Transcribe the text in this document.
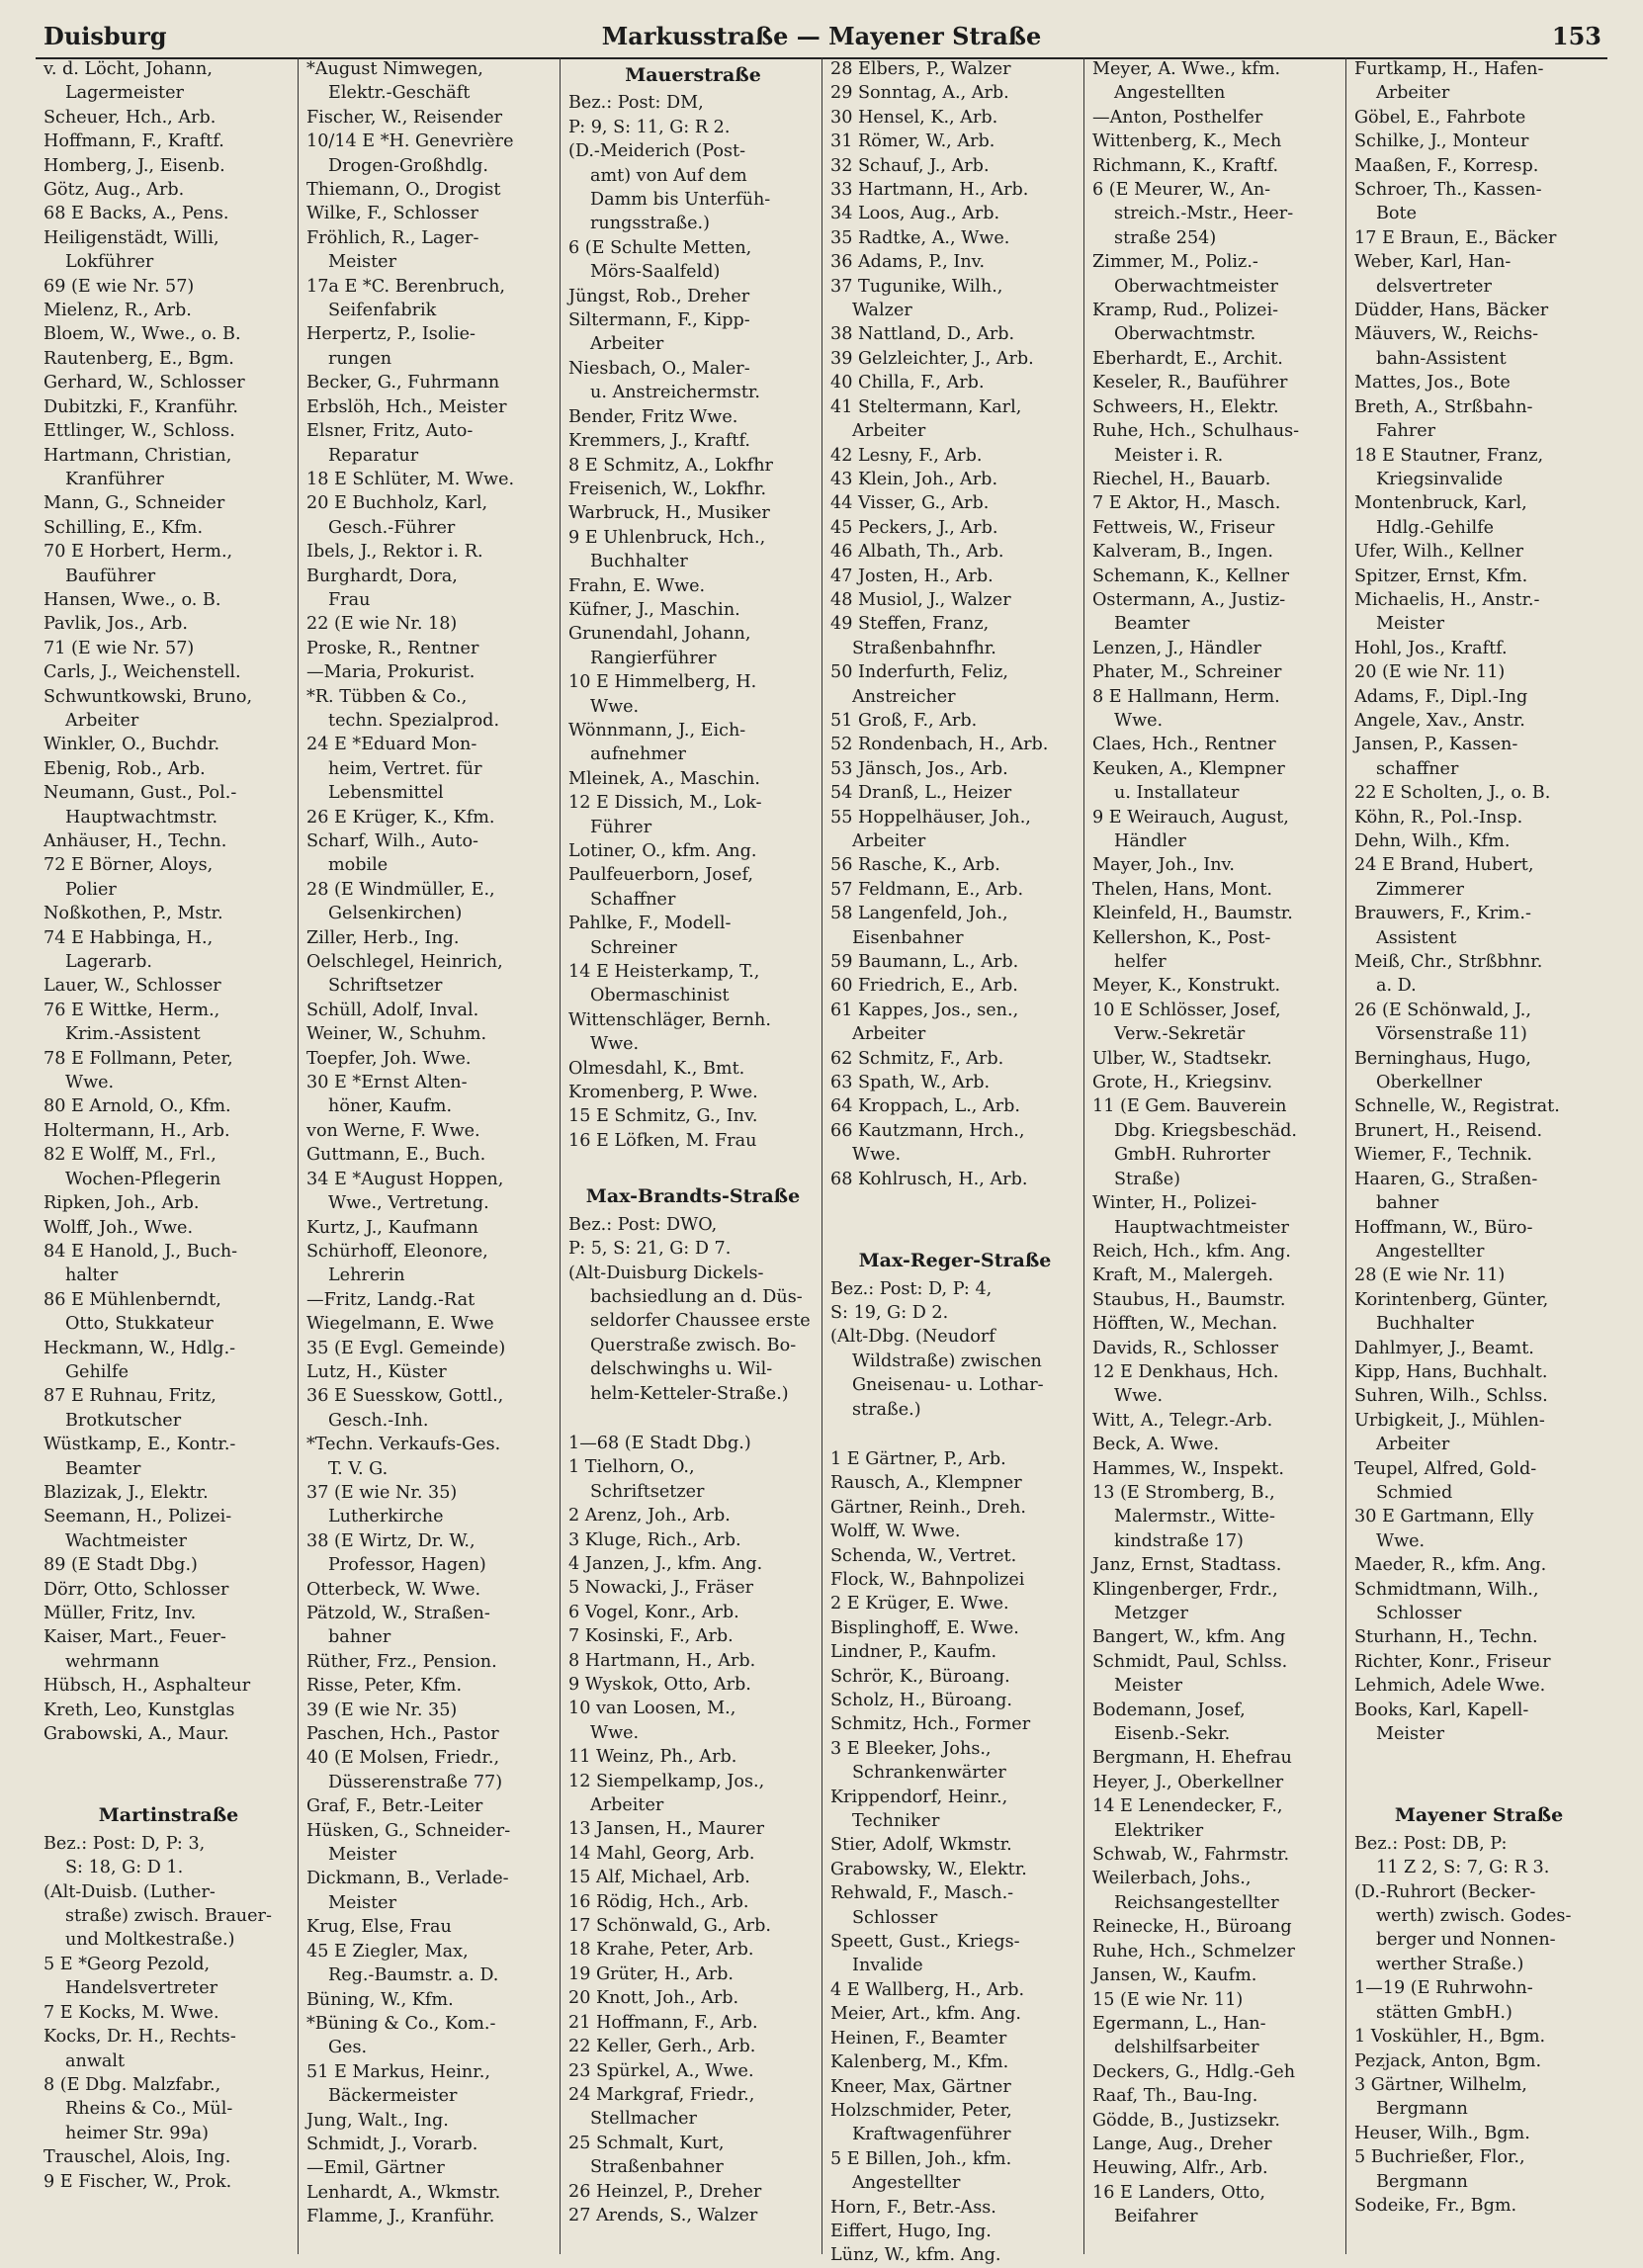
Duisburg	Markusstraße — Mayener Straße	153
v. d. Löcht, Johann,
Lagermeister
Scheuer, Hch., Arb.
Hoffmann, F., Kraftf.
Homberg, J., Eisenb.
Götz, Aug., Arb.
68 E Backs, A., Pens.
Heiligenstädt, Willi,
Lokführer
69 (E wie Nr. 57)
Mielenz, R., Arb.
Bloem, W., Wwe., o. B.
Rautenberg, E., Bgm.
Gerhard, W., Schlosser
Dubitzki, F., Kranführ.
Ettlinger, W., Schloss.
Hartmann, Christian,
Kranführer
Mann, G., Schneider
Schilling, E., Kfm.
70 E Horbert, Herm.,
Bauführer
Hansen, Wwe., o. B.
Pavlik, Jos., Arb.
71 (E wie Nr. 57)
Carls, J., Weichenstell.
Schwuntkowski, Bruno,
Arbeiter
Winkler, O., Buchdr.
Ebenig, Rob., Arb.
Neumann, Gust., Pol.-
Hauptwachtmstr.
Anhäuser, H., Techn.
72 E Börner, Aloys,
Polier
Noßkothen, P., Mstr.
74 E Habbinga, H.,
Lagerarb.
Lauer, W., Schlosser
76 E Wittke, Herm.,
Krim.-Assistent
78 E Follmann, Peter,
Wwe.
80 E Arnold, O., Kfm.
Holtermann, H., Arb.
82 E Wolff, M., Frl.,
Wochen-Pflegerin
Ripken, Joh., Arb.
Wolff, Joh., Wwe.
84 E Hanold, J., Buch-
halter
86 E Mühlenberndt,
Otto, Stukkateur
Heckmann, W., Hdlg.-
Gehilfe
87 E Ruhnau, Fritz,
Brotkutscher
Wüstkamp, E., Kontr.-
Beamter
Blazizak, J., Elektr.
Seemann, H., Polizei-
Wachtmeister
89 (E Stadt Dbg.)
Dörr, Otto, Schlosser
Müller, Fritz, Inv.
Kaiser, Mart., Feuer-
wehrmann
Hübsch, H., Asphalteur
Kreth, Leo, Kunstglas
Grabowski, A., Maur.
Martinstraße
Bez.: Post: D, P: 3,
S: 18, G: D 1.
(Alt-Duisb. (Luther-
straße) zwisch. Brauer-
und Moltkestraße.)
5 E *Georg Pezold,
Handelsvertreter
7 E Kocks, M. Wwe.
Kocks, Dr. H., Rechts-
anwalt
8 (E Dbg. Malzfabr.,
Rheins & Co., Mül-
heimer Str. 99a)
Trauschel, Alois, Ing.
9 E Fischer, W., Prok.
*August Nimwegen,
Elektr.-Geschäft
Fischer, W., Reisender
10/14 E *H. Genevrière
Drogen-Großhdlg.
Thiemann, O., Drogist
Wilke, F., Schlosser
Fröhlich, R., Lager-
Meister
17a E *C. Berenbruch,
Seifenfabrik
Herpertz, P., Isolie-
rungen
Becker, G., Fuhrmann
Erbslöh, Hch., Meister
Elsner, Fritz, Auto-
Reparatur
18 E Schlüter, M. Wwe.
20 E Buchholz, Karl,
Gesch.-Führer
Ibels, J., Rektor i. R.
Burghardt, Dora,
Frau
22 (E wie Nr. 18)
Proske, R., Rentner
—Maria, Prokurist.
*R. Tübben & Co.,
techn. Spezialprod.
24 E *Eduard Mon-
heim, Vertret. für
Lebensmittel
26 E Krüger, K., Kfm.
Scharf, Wilh., Auto-
mobile
28 (E Windmüller, E.,
Gelsenkirchen)
Ziller, Herb., Ing.
Oelschlegel, Heinrich,
Schriftsetzer
Schüll, Adolf, Inval.
Weiner, W., Schuhm.
Toepfer, Joh. Wwe.
30 E *Ernst Alten-
höner, Kaufm.
von Werne, F. Wwe.
Guttmann, E., Buch.
34 E *August Hoppen,
Wwe., Vertretung.
Kurtz, J., Kaufmann
Schürhoff, Eleonore,
Lehrerin
—Fritz, Landg.-Rat
Wiegelmann, E. Wwe
35 (E Evgl. Gemeinde)
Lutz, H., Küster
36 E Suesskow, Gottl.,
Gesch.-Inh.
*Techn. Verkaufs-Ges.
T. V. G.
37 (E wie Nr. 35)
Lutherkirche
38 (E Wirtz, Dr. W.,
Professor, Hagen)
Otterbeck, W. Wwe.
Pätzold, W., Straßen-
bahner
Rüther, Frz., Pension.
Risse, Peter, Kfm.
39 (E wie Nr. 35)
Paschen, Hch., Pastor
40 (E Molsen, Friedr.,
Düsserenstraße 77)
Graf, F., Betr.-Leiter
Hüsken, G., Schneider-
Meister
Dickmann, B., Verlade-
Meister
Krug, Else, Frau
45 E Ziegler, Max,
Reg.-Baumstr. a. D.
Büning, W., Kfm.
*Büning & Co., Kom.-
Ges.
51 E Markus, Heinr.,
Bäckermeister
Jung, Walt., Ing.
Schmidt, J., Vorarb.
—Emil, Gärtner
Lenhardt, A., Wkmstr.
Flamme, J., Kranführ.
Mauerstraße
Bez.: Post: DM,
P: 9, S: 11, G: R 2.
(D.-Meiderich (Post-
amt) von Auf dem
Damm bis Unterfüh-
rungsstraße.)
6 (E Schulte Metten,
Mörs-Saalfeld)
Jüngst, Rob., Dreher
Siltermann, F., Kipp-
Arbeiter
Niesbach, O., Maler-
u. Anstreichermstr.
Bender, Fritz Wwe.
Kremmers, J., Kraftf.
8 E Schmitz, A., Lokfhr
Freisenich, W., Lokfhr.
Warbruck, H., Musiker
9 E Uhlenbruck, Hch.,
Buchhalter
Frahn, E. Wwe.
Küfner, J., Maschin.
Grunendahl, Johann,
Rangierführer
10 E Himmelberg, H.
Wwe.
Wönnmann, J., Eich-
aufnehmer
Mleinek, A., Maschin.
12 E Dissich, M., Lok-
Führer
Lotiner, O., kfm. Ang.
Paulfeuerborn, Josef,
Schaffner
Pahlke, F., Modell-
Schreiner
14 E Heisterkamp, T.,
Obermaschinist
Wittenschläger, Bernh.
Wwe.
Olmesdahl, K., Bmt.
Kromenberg, P. Wwe.
15 E Schmitz, G., Inv.
16 E Löfken, M. Frau
Max-Brandts-Straße
Bez.: Post: DWO,
P: 5, S: 21, G: D 7.
(Alt-Duisburg Dickels-
bachsiedlung an d. Düs-
seldorfer Chaussee erste
Querstraße zwisch. Bo-
delschwinghs u. Wil-
helm-Ketteler-Straße.)
1—68 (E Stadt Dbg.)
1 Tielhorn, O.,
Schriftsetzer
2 Arenz, Joh., Arb.
3 Kluge, Rich., Arb.
4 Janzen, J., kfm. Ang.
5 Nowacki, J., Fräser
6 Vogel, Konr., Arb.
7 Kosinski, F., Arb.
8 Hartmann, H., Arb.
9 Wyskok, Otto, Arb.
10 van Loosen, M.,
Wwe.
11 Weinz, Ph., Arb.
12 Siempelkamp, Jos.,
Arbeiter
13 Jansen, H., Maurer
14 Mahl, Georg, Arb.
15 Alf, Michael, Arb.
16 Rödig, Hch., Arb.
17 Schönwald, G., Arb.
18 Krahe, Peter, Arb.
19 Grüter, H., Arb.
20 Knott, Joh., Arb.
21 Hoffmann, F., Arb.
22 Keller, Gerh., Arb.
23 Spürkel, A., Wwe.
24 Markgraf, Friedr.,
Stellmacher
25 Schmalt, Kurt,
Straßenbahner
26 Heinzel, P., Dreher
27 Arends, S., Walzer
28 Elbers, P., Walzer
29 Sonntag, A., Arb.
30 Hensel, K., Arb.
31 Römer, W., Arb.
32 Schauf, J., Arb.
33 Hartmann, H., Arb.
34 Loos, Aug., Arb.
35 Radtke, A., Wwe.
36 Adams, P., Inv.
37 Tugunike, Wilh.,
Walzer
38 Nattland, D., Arb.
39 Gelzleichter, J., Arb.
40 Chilla, F., Arb.
41 Steltermann, Karl,
Arbeiter
42 Lesny, F., Arb.
43 Klein, Joh., Arb.
44 Visser, G., Arb.
45 Peckers, J., Arb.
46 Albath, Th., Arb.
47 Josten, H., Arb.
48 Musiol, J., Walzer
49 Steffen, Franz,
Straßenbahnfhr.
50 Inderfurth, Feliz,
Anstreicher
51 Groß, F., Arb.
52 Rondenbach, H., Arb.
53 Jänsch, Jos., Arb.
54 Dranß, L., Heizer
55 Hoppelhäuser, Joh.,
Arbeiter
56 Rasche, K., Arb.
57 Feldmann, E., Arb.
58 Langenfeld, Joh.,
Eisenbahner
59 Baumann, L., Arb.
60 Friedrich, E., Arb.
61 Kappes, Jos., sen.,
Arbeiter
62 Schmitz, F., Arb.
63 Spath, W., Arb.
64 Kroppach, L., Arb.
66 Kautzmann, Hrch.,
Wwe.
68 Kohlrusch, H., Arb.
Max-Reger-Straße
Bez.: Post: D, P: 4,
S: 19, G: D 2.
(Alt-Dbg. (Neudorf
Wildstraße) zwischen
Gneisenau- u. Lothar-
straße.)
1 E Gärtner, P., Arb.
Rausch, A., Klempner
Gärtner, Reinh., Dreh.
Wolff, W. Wwe.
Schenda, W., Vertret.
Flock, W., Bahnpolizei
2 E Krüger, E. Wwe.
Bisplinghoff, E. Wwe.
Lindner, P., Kaufm.
Schrör, K., Büroang.
Scholz, H., Büroang.
Schmitz, Hch., Former
3 E Bleeker, Johs.,
Schrankenwärter
Krippendorf, Heinr.,
Techniker
Stier, Adolf, Wkmstr.
Grabowsky, W., Elektr.
Rehwald, F., Masch.-
Schlosser
Speett, Gust., Kriegs-
Invalide
4 E Wallberg, H., Arb.
Meier, Art., kfm. Ang.
Heinen, F., Beamter
Kalenberg, M., Kfm.
Kneer, Max, Gärtner
Holzschmider, Peter,
Kraftwagenführer
5 E Billen, Joh., kfm.
Angestellter
Horn, F., Betr.-Ass.
Eiffert, Hugo, Ing.
Lünz, W., kfm. Ang.
Meyer, A. Wwe., kfm.
Angestellten
—Anton, Posthelfer
Wittenberg, K., Mech
Richmann, K., Kraftf.
6 (E Meurer, W., An-
streich.-Mstr., Heer-
straße 254)
Zimmer, M., Poliz.-
Oberwachtmeister
Kramp, Rud., Polizei-
Oberwachtmstr.
Eberhardt, E., Archit.
Keseler, R., Bauführer
Schweers, H., Elektr.
Ruhe, Hch., Schulhaus-
Meister i. R.
Riechel, H., Bauarb.
7 E Aktor, H., Masch.
Fettweis, W., Friseur
Kalveram, B., Ingen.
Schemann, K., Kellner
Ostermann, A., Justiz-
Beamter
Lenzen, J., Händler
Phater, M., Schreiner
8 E Hallmann, Herm.
Wwe.
Claes, Hch., Rentner
Keuken, A., Klempner
u. Installateur
9 E Weirauch, August,
Händler
Mayer, Joh., Inv.
Thelen, Hans, Mont.
Kleinfeld, H., Baumstr.
Kellershon, K., Post-
helfer
Meyer, K., Konstrukt.
10 E Schlösser, Josef,
Verw.-Sekretär
Ulber, W., Stadtsekr.
Grote, H., Kriegsinv.
11 (E Gem. Bauverein
Dbg. Kriegsbeschäd.
GmbH. Ruhrorter
Straße)
Winter, H., Polizei-
Hauptwachtmeister
Reich, Hch., kfm. Ang.
Kraft, M., Malergeh.
Staubus, H., Baumstr.
Höfften, W., Mechan.
Davids, R., Schlosser
12 E Denkhaus, Hch.
Wwe.
Witt, A., Telegr.-Arb.
Beck, A. Wwe.
Hammes, W., Inspekt.
13 (E Stromberg, B.,
Malermstr., Witte-
kindstraße 17)
Janz, Ernst, Stadtass.
Klingenberger, Frdr.,
Metzger
Bangert, W., kfm. Ang
Schmidt, Paul, Schlss.
Meister
Bodemann, Josef,
Eisenb.-Sekr.
Bergmann, H. Ehefrau
Heyer, J., Oberkellner
14 E Lenendecker, F.,
Elektriker
Schwab, W., Fahrmstr.
Weilerbach, Johs.,
Reichsangestellter
Reinecke, H., Büroang
Ruhe, Hch., Schmelzer
Jansen, W., Kaufm.
15 (E wie Nr. 11)
Egermann, L., Han-
delshilfsarbeiter
Deckers, G., Hdlg.-Geh
Raaf, Th., Bau-Ing.
Gödde, B., Justizsekr.
Lange, Aug., Dreher
Heuwing, Alfr., Arb.
16 E Landers, Otto,
Beifahrer
Furtkamp, H., Hafen-
Arbeiter
Göbel, E., Fahrbote
Schilke, J., Monteur
Maaßen, F., Korresp.
Schroer, Th., Kassen-
Bote
17 E Braun, E., Bäcker
Weber, Karl, Han-
delsvertreter
Düdder, Hans, Bäcker
Mäuvers, W., Reichs-
bahn-Assistent
Mattes, Jos., Bote
Breth, A., Strßbahn-
Fahrer
18 E Stautner, Franz,
Kriegsinvalide
Montenbruck, Karl,
Hdlg.-Gehilfe
Ufer, Wilh., Kellner
Spitzer, Ernst, Kfm.
Michaelis, H., Anstr.-
Meister
Hohl, Jos., Kraftf.
20 (E wie Nr. 11)
Adams, F., Dipl.-Ing
Angele, Xav., Anstr.
Jansen, P., Kassen-
schaffner
22 E Scholten, J., o. B.
Köhn, R., Pol.-Insp.
Dehn, Wilh., Kfm.
24 E Brand, Hubert,
Zimmerer
Brauwers, F., Krim.-
Assistent
Meiß, Chr., Strßbhnr.
a. D.
26 (E Schönwald, J.,
Vörsenstraße 11)
Berninghaus, Hugo,
Oberkellner
Schnelle, W., Registrat.
Brunert, H., Reisend.
Wiemer, F., Technik.
Haaren, G., Straßen-
bahner
Hoffmann, W., Büro-
Angestellter
28 (E wie Nr. 11)
Korintenberg, Günter,
Buchhalter
Dahlmyer, J., Beamt.
Kipp, Hans, Buchhalt.
Suhren, Wilh., Schlss.
Urbigkeit, J., Mühlen-
Arbeiter
Teupel, Alfred, Gold-
Schmied
30 E Gartmann, Elly
Wwe.
Maeder, R., kfm. Ang.
Schmidtmann, Wilh.,
Schlosser
Sturhann, H., Techn.
Richter, Konr., Friseur
Lehmich, Adele Wwe.
Books, Karl, Kapell-
Meister
Mayener Straße
Bez.: Post: DB, P:
11 Z 2, S: 7, G: R 3.
(D.-Ruhrort (Becker-
werth) zwisch. Godes-
berger und Nonnen-
werther Straße.)
1—19 (E Ruhrwohn-
stätten GmbH.)
1 Voskühler, H., Bgm.
Pezjack, Anton, Bgm.
3 Gärtner, Wilhelm,
Bergmann
Heuser, Wilh., Bgm.
5 Buchrießer, Flor.,
Bergmann
Sodeike, Fr., Bgm.
